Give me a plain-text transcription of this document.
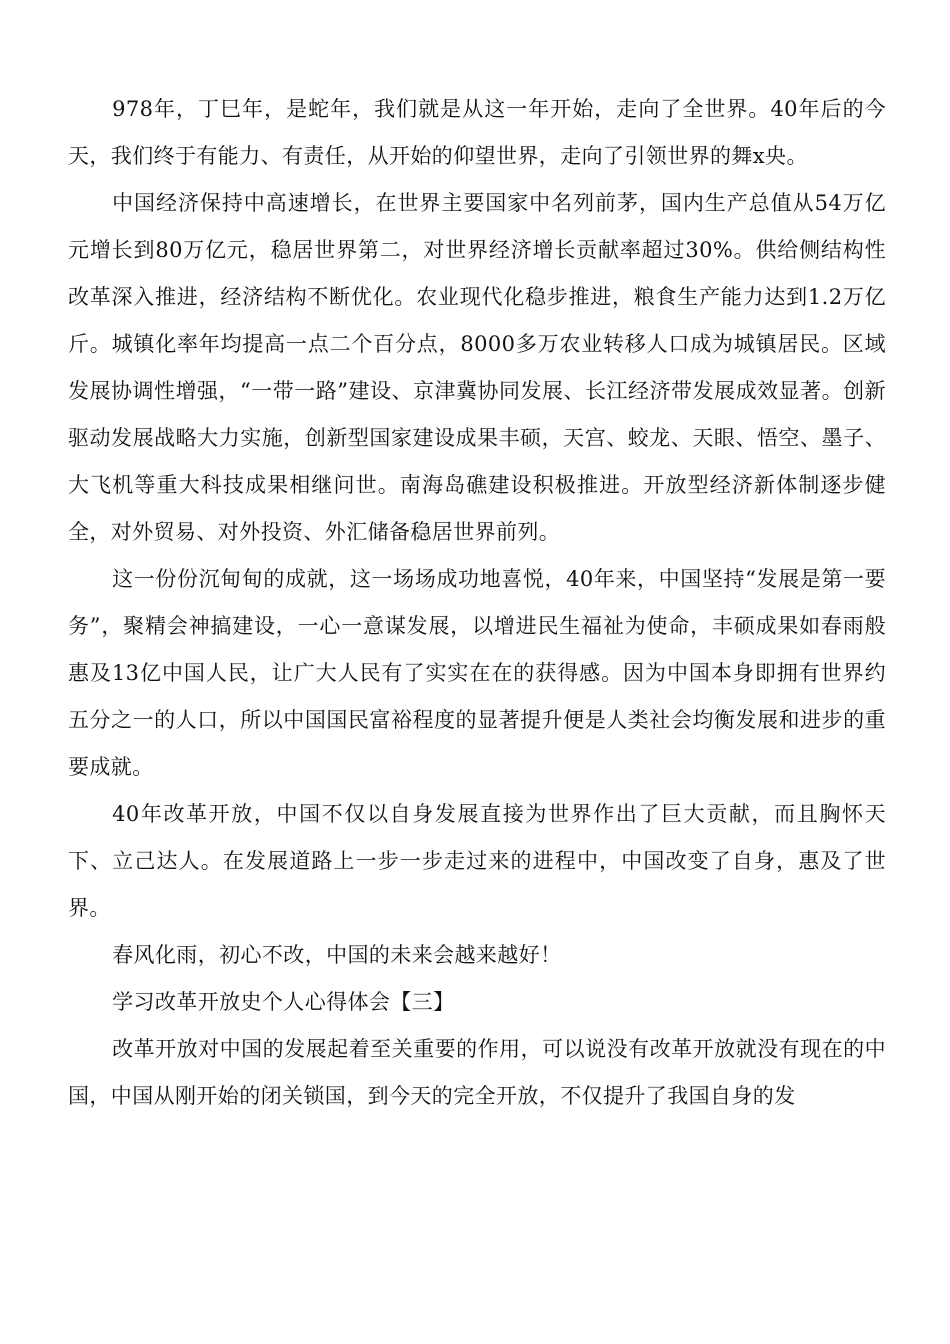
978年，丁巳年，是蛇年，我们就是从这一年开始，走向了全世界。40年后的今天，我们终于有能力、有责任，从开始的仰望世界，走向了引领世界的舞x央。

中国经济保持中高速增长，在世界主要国家中名列前茅，国内生产总值从54万亿元增长到80万亿元，稳居世界第二，对世界经济增长贡献率超过30%。供给侧结构性改革深入推进，经济结构不断优化。农业现代化稳步推进，粮食生产能力达到1.2万亿斤。城镇化率年均提高一点二个百分点，8000多万农业转移人口成为城镇居民。区域发展协调性增强，“一带一路”建设、京津冀协同发展、长江经济带发展成效显著。创新驱动发展战略大力实施，创新型国家建设成果丰硕，天宫、蛟龙、天眼、悟空、墨子、大飞机等重大科技成果相继问世。南海岛礁建设积极推进。开放型经济新体制逐步健全，对外贸易、对外投资、外汇储备稳居世界前列。

这一份份沉甸甸的成就，这一场场成功地喜悦，40年来，中国坚持“发展是第一要务”，聚精会神搞建设，一心一意谋发展，以增进民生福祉为使命，丰硕成果如春雨般惠及13亿中国人民，让广大人民有了实实在在的获得感。因为中国本身即拥有世界约五分之一的人口，所以中国国民富裕程度的显著提升便是人类社会均衡发展和进步的重要成就。

40年改革开放，中国不仅以自身发展直接为世界作出了巨大贡献，而且胸怀天下、立己达人。在发展道路上一步一步走过来的进程中，中国改变了自身，惠及了世界。

春风化雨，初心不改，中国的未来会越来越好！

学习改革开放史个人心得体会【三】

改革开放对中国的发展起着至关重要的作用，可以说没有改革开放就没有现在的中国，中国从刚开始的闭关锁国，到今天的完全开放，不仅提升了我国自身的发
